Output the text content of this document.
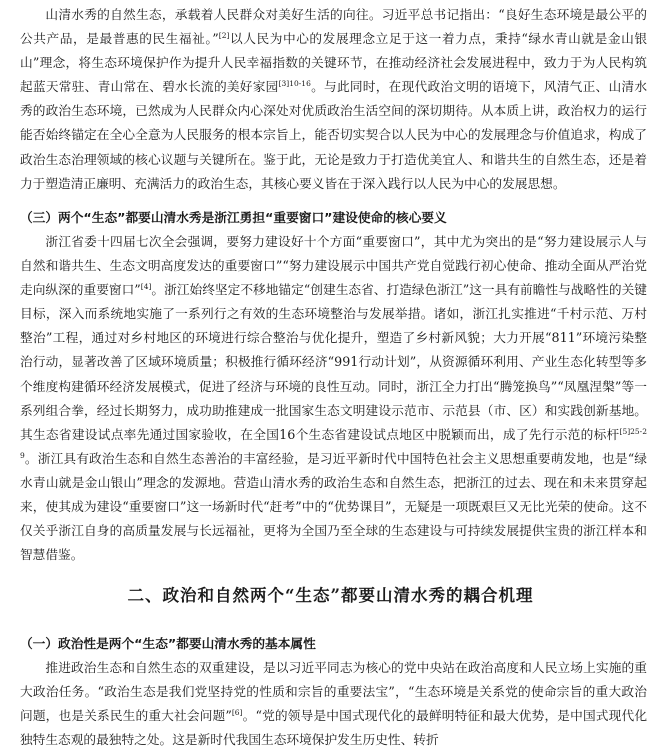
山清水秀的自然生态，承载着人民群众对美好生活的向往。习近平总书记指出：“良好生态环境是最公平的公共产品，是最普惠的民生福祉。”[2]以人民为中心的发展理念立足于这一着力点，秉持“绿水青山就是金山银山”理念，将生态环境保护作为提升人民幸福指数的关键环节，在推动经济社会发展进程中，致力于为人民构筑起蓝天常驻、青山常在、碧水长流的美好家园$^{[3]10-16}$。与此同时，在现代政治文明的语境下，风清气正、山清水秀的政治生态环境，已然成为人民群众内心深处对优质政治生活空间的深切期待。从本质上讲，政治权力的运行能否始终锚定在全心全意为人民服务的根本宗旨上，能否切实契合以人民为中心的发展理念与价值追求，构成了政治生态治理领域的核心议题与关键所在。鉴于此，无论是致力于打造优美宜人、和谐共生的自然生态，还是着力于塑造清正廉明、充满活力的政治生态，其核心要义皆在于深入践行以人民为中心的发展思想。

（三）两个“生态”都要山清水秀是浙江勇担“重要窗口”建设使命的核心要义

浙江省委十四届七次全会强调，要努力建设好十个方面“重要窗口”，其中尤为突出的是“努力建设展示人与自然和谐共生、生态文明高度发达的重要窗口”“努力建设展示中国共产党自觉践行初心使命、推动全面从严治党走向纵深的重要窗口”[4]。浙江始终坚定不移地锚定“创建生态省、打造绿色浙江”这一具有前瞻性与战略性的关键目标，深入而系统地实施了一系列行之有效的生态环境整治与发展举措。诸如，浙江扎实推进“千村示范、万村整治”工程，通过对乡村地区的环境进行综合整治与优化提升，塑造了乡村新风貌；大力开展“811”环境污染整治行动，显著改善了区域环境质量；积极推行循环经济“991行动计划”，从资源循环利用、产业生态化转型等多个维度构建循环经济发展模式，促进了经济与环境的良性互动。同时，浙江全力打出“腾笼换鸟”“凤凰涅槃”等一系列组合拳，经过长期努力，成功助推建成一批国家生态文明建设示范市、示范县（市、区）和实践创新基地。其生态省建设试点率先通过国家验收，在全国16个生态省建设试点地区中脱颖而出，成了先行示范的标杆$^{[5]25-29}$。浙江具有政治生态和自然生态善治的丰富经验，是习近平新时代中国特色社会主义思想重要萌发地，也是“绿水青山就是金山银山”理念的发源地。营造山清水秀的政治生态和自然生态，把浙江的过去、现在和未来贯穿起来，使其成为建设“重要窗口”这一场新时代“赶考”中的“优势课目”，无疑是一项既艰巨又无比光荣的使命。这不仅关乎浙江自身的高质量发展与长远福祉，更将为全国乃至全球的生态建设与可持续发展提供宝贵的浙江样本和智慧借鉴。

二、政治和自然两个“生态”都要山清水秀的耦合机理
（一）政治性是两个“生态”都要山清水秀的基本属性

推进政治生态和自然生态的双重建设，是以习近平同志为核心的党中央站在政治高度和人民立场上实施的重大政治任务。“政治生态是我们党坚持党的性质和宗旨的重要法宝”，“生态环境是关系党的使命宗旨的重大政治问题，也是关系民生的重大社会问题”[6]。“党的领导是中国式现代化的最鲜明特征和最大优势，是中国式现代化独特生态观的最独特之处。这是新时代我国生态环境保护发生历史性、转折
